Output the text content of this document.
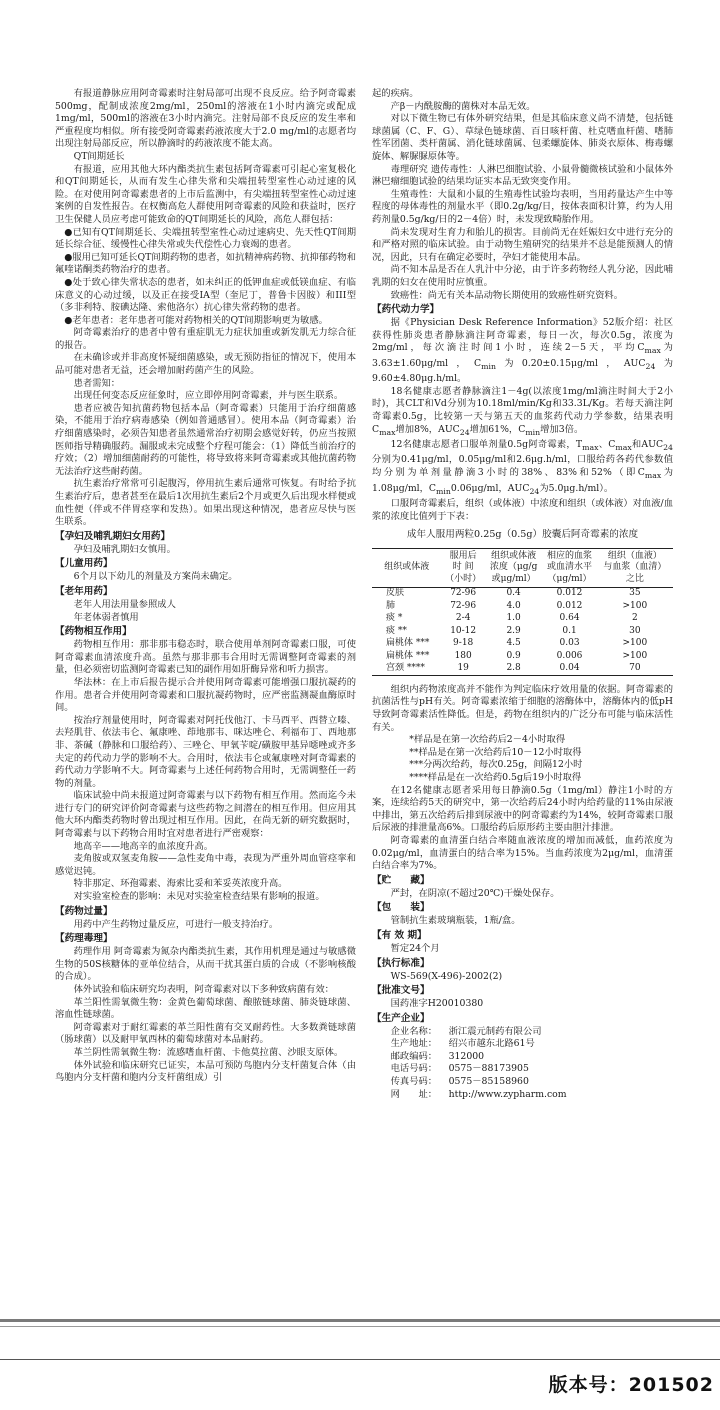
有报道静脉应用阿奇霉素时注射局部可出现不良反应。给予阿奇霉素500mg，配制成浓度2mg/ml，250ml的溶液在1小时内滴完或配成1mg/ml，500ml的溶液在3小时内滴完。注射局部不良反应的发生率和严重程度均相似。所有接受阿奇霉素药液浓度大于2.0 mg/ml的志愿者均出现注射局部反应，所以静滴时的药液浓度不能太高。

QT间期延长

有报道，应用其他大环内酯类抗生素包括阿奇霉素可引起心室复极化和QT间期延长，从而有发生心律失常和尖端扭转型室性心动过速的风险。在对使用阿奇霉素患者的上市后监测中，有尖端扭转型室性心动过速案例的自发性报告。在权衡高危人群使用阿奇霉素的风险和获益时，医疗卫生保健人员应考虑可能致命的QT间期延长的风险，高危人群包括：

●已知有QT间期延长、尖端扭转型室性心动过速病史、先天性QT间期延长综合征、缓慢性心律失常或失代偿性心力衰竭的患者。

●服用已知可延长QT间期药物的患者，如抗精神病药物、抗抑郁药物和氟喹诺酮类药物治疗的患者。

●处于致心律失常状态的患者，如未纠正的低钾血症或低镁血症、有临床意义的心动过缓，以及正在接受IA型（奎尼丁，普鲁卡因胺）和III型（多非利特、胺碘达隆、索他洛尔）抗心律失常药物的患者。

●老年患者：老年患者可能对药物相关的QT间期影响更为敏感。

阿奇霉素治疗的患者中曾有重症肌无力症状加重或新发肌无力综合征的报告。

在未确诊或并非高度怀疑细菌感染，或无预防指征的情况下，使用本品可能对患者无益，还会增加耐药菌产生的风险。

患者需知：

出现任何变态反应征象时，应立即停用阿奇霉素，并与医生联系。

患者应被告知抗菌药物包括本品（阿奇霉素）只能用于治疗细菌感染，不能用于治疗病毒感染（例如普通感冒）。使用本品（阿奇霉素）治疗细菌感染时，必须告知患者虽然通常治疗初期会感觉好转，仍应当按照医师指导精确服药。漏服或未完成整个疗程可能会：（1）降低当前治疗的疗效；（2）增加细菌耐药的可能性，将导致将来阿奇霉素或其他抗菌药物无法治疗这些耐药菌。

抗生素治疗常常可引起腹泻，停用抗生素后通常可恢复。有时给予抗生素治疗后，患者甚至在最后1次用抗生素后2个月或更久后出现水样便或血性便（伴或不伴胃痉挛和发热）。如果出现这种情况，患者应尽快与医生联系。

【孕妇及哺乳期妇女用药】

孕妇及哺乳期妇女慎用。

【儿童用药】

6个月以下幼儿的剂量及方案尚未确定。

【老年用药】

老年人用法用量参照成人

年老体弱者慎用

【药物相互作用】

药物相互作用：那非那韦稳态时，联合使用单剂阿奇霉素口服，可使阿奇霉素血清浓度升高。虽然与那非那韦合用时无需调整阿奇霉素的剂量，但必须密切监测阿奇霉素已知的副作用如肝酶异常和听力损害。

华法林：在上市后报告提示合并使用阿奇霉素可能增强口服抗凝药的作用。患者合并使用阿奇霉素和口服抗凝药物时，应严密监测凝血酶原时间。

按治疗剂量使用时，阿奇霉素对阿托伐他汀、卡马西平、西替立嗪、去羟肌苷、依法韦仑、氟康唑、茚地那韦、咪达唑仑、利福布丁、西地那非、茶碱（静脉和口服给药）、三唑仑、甲氧苄啶/磺胺甲基异噁唑或齐多夫定的药代动力学的影响不大。合用时，依法韦仑或氟康唑对阿奇霉素的药代动力学影响不大。阿奇霉素与上述任何药物合用时，无需调整任一药物的剂量。

临床试验中尚未报道过阿奇霉素与以下药物有相互作用。然而迄今未进行专门的研究评价阿奇霉素与这些药物之间潜在的相互作用。但应用其他大环内酯类药物时曾出现过相互作用。因此，在尚无新的研究数据时，阿奇霉素与以下药物合用时宜对患者进行严密观察：

地高辛——地高辛的血浓度升高。

麦角胺或双氢麦角胺——急性麦角中毒，表现为严重外周血管痉挛和感觉迟钝。

特非那定、环孢霉素、海索比妥和苯妥英浓度升高。

对实验室检查的影响：未见对实验室检查结果有影响的报道。

【药物过量】

用药中产生药物过量反应，可进行一般支持治疗。

【药理毒理】

药理作用 阿奇霉素为氮杂内酯类抗生素，其作用机理是通过与敏感微生物的50S核糖体的亚单位结合，从而干扰其蛋白质的合成（不影响核酸的合成）。

体外试验和临床研究均表明，阿奇霉素对以下多种致病菌有效：

革兰阳性需氧微生物：金黄色葡萄球菌、酿脓链球菌、肺炎链球菌、溶血性链球菌。

阿奇霉素对于耐红霉素的革兰阳性菌有交叉耐药性。大多数粪链球菌（肠球菌）以及耐甲氧西林的葡萄球菌对本品耐药。

革兰阴性需氧微生物：流感嗜血杆菌、卡他莫拉菌、沙眼支原体。

体外试验和临床研究已证实，本品可预防鸟胞内分支杆菌复合体（由鸟胞内分支杆菌和胞内分支杆菌组成）引

起的疾病。

产β－内酰胺酶的菌株对本品无效。

对以下微生物已有体外研究结果，但是其临床意义尚不清楚，包括链球菌属（C、F、G）、草绿色链球菌、百日咳杆菌、杜克嗜血杆菌、嗜肺性军团菌、类杆菌属、消化链球菌属、包柔螺旋体、肺炎衣原体、梅毒螺旋体、解脲脲原体等。

毒理研究 遗传毒性：人淋巴细胞试验、小鼠骨髓微核试验和小鼠体外淋巴瘤细胞试验的结果均证实本品无致突变作用。

生殖毒性：大鼠和小鼠的生殖毒性试验均表明，当用药量达产生中等程度的母体毒性的剂量水平（即0.2g/kg/日，按体表面积计算，约为人用药剂量0.5g/kg/日的2－4倍）时，未发现致畸胎作用。

尚未发现对生育力和胎儿的损害。目前尚无在妊娠妇女中进行充分的和严格对照的临床试验。由于动物生殖研究的结果并不总是能预测人的情况，因此，只有在确定必要时，孕妇才能使用本品。

尚不知本品是否在人乳汁中分泌，由于许多药物经人乳分泌，因此哺乳期的妇女在使用时应慎重。

致癌性：尚无有关本品动物长期使用的致癌性研究资料。

【药代动力学】

据《Physician Desk Reference Information》52版介绍：社区获得性肺炎患者静脉滴注阿奇霉素，每日一次，每次0.5g，浓度为2mg/ml，每次滴注时间1小时，连续2－5天，平均$C_{max}$为3.63±1.60μg/ml，$C_{min}$为0.20±0.15μg/ml，$AUC_{24}$为9.60±4.80μg.h/ml。

18名健康志愿者静脉滴注1－4g(以浓度1mg/ml滴注时间大于2小时)，其CLT和Vd分别为10.18ml/min/Kg和33.3L/Kg。若每天滴注阿奇霉素0.5g，比较第一天与第五天的血浆药代动力学参数，结果表明$C_{max}$增加8%，$AUC_{24}$增加61%，$C_{min}$增加3倍。

12名健康志愿者口服单剂量0.5g阿奇霉素，$T_{max}$、$C_{max}$和$AUC_{24}$分别为0.41μg/ml，0.05μg/ml和2.6μg.h/ml，口服给药各药代参数值均分别为单剂量静滴3小时的38%、83%和52%（即$C_{max}$为1.08μg/ml，$C_{min}0.06\mu g/ml$，$AUC_{24}$为5.0μg.h/ml）。

口服阿奇霉素后，组织（或体液）中浓度和组织（或体液）对血液/血浆的浓度比值列于下表：

成年人服用两粒0.25g（0.5g）胶囊后阿奇霉素的浓度
组织或体液	服用后
时 间
（小时）	组织或体液
浓度（μg/g
或μg/ml）	相应的血浆
或血清水平
（μg/ml）	组织（血液）
与血浆（血清）
之比
皮肤	72-96	0.4	0.012	35
肺	72-96	4.0	0.012	>100
痰 *	2-4	1.0	0.64	2
痰 **	10-12	2.9	0.1	30
扁桃体 ***	9-18	4.5	0.03	>100
扁桃体 ***	180	0.9	0.006	>100
宫颈 ****	19	2.8	0.04	70

组织内药物浓度高并不能作为判定临床疗效用量的依据。阿奇霉素的抗菌活性与pH有关。阿奇霉素浓缩于细胞的溶酶体中，溶酶体内的低pH导致阿奇霉素活性降低。但是，药物在组织内的广泛分布可能与临床活性有关。

*样品是在第一次给药后2－4小时取得

**样品是在第一次给药后10－12小时取得

***分两次给药，每次0.25g，间隔12小时

****样品是在一次给药0.5g后19小时取得

在12名健康志愿者采用每日静滴0.5g（1mg/ml）静注1小时的方案，连续给药5天的研究中，第一次给药后24小时内给药量的11%由尿液中排出，第五次给药后排到尿液中的阿奇霉素约为14%，较阿奇霉素口服后尿液的排泄量高6%。口服给药后原形药主要由胆汁排泄。

阿奇霉素的血清蛋白结合率随血液浓度的增加而减低，血药浓度为0.02μg/ml，血清蛋白的结合率为15%。当血药浓度为2μg/ml，血清蛋白结合率为7%。

【贮　　藏】

严封，在阴凉(不超过20℃)干燥处保存。

【包　　装】

管制抗生素玻璃瓶装，1瓶/盒。

【有 效 期】

暂定24个月

【执行标准】

WS-569(X-496)-2002(2)

【批准文号】

国药准字H20010380

【生产企业】
企业名称：	浙江震元制药有限公司
生产地址：	绍兴市越东北路61号
邮政编码：	312000
电话号码：	0575－88173905
传真号码：	0575－85158960
网　　址：	http://www.zypharm.com
版本号：201502
